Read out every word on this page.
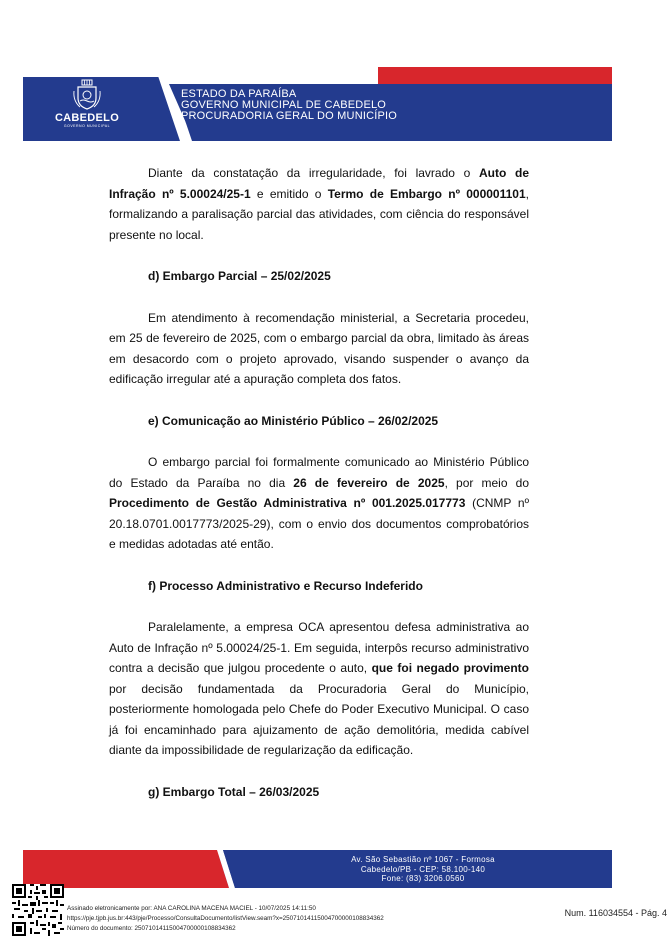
CABEDELO
GOVERNO MUNICIPAL
ESTADO DA PARAÍBA
GOVERNO MUNICIPAL DE CABEDELO
PROCURADORIA GERAL DO MUNICÍPIO

Diante da constatação da irregularidade, foi lavrado o Auto de Infração nº 5.00024/25-1 e emitido o Termo de Embargo nº 000001101, formalizando a paralisação parcial das atividades, com ciência do responsável presente no local.

d) Embargo Parcial – 25/02/2025

Em atendimento à recomendação ministerial, a Secretaria procedeu, em 25 de fevereiro de 2025, com o embargo parcial da obra, limitado às áreas em desacordo com o projeto aprovado, visando suspender o avanço da edificação irregular até a apuração completa dos fatos.

e) Comunicação ao Ministério Público – 26/02/2025

O embargo parcial foi formalmente comunicado ao Ministério Público do Estado da Paraíba no dia 26 de fevereiro de 2025, por meio do Procedimento de Gestão Administrativa nº 001.2025.017773 (CNMP nº 20.18.0701.0017773/2025-29), com o envio dos documentos comprobatórios e medidas adotadas até então.

f) Processo Administrativo e Recurso Indeferido

Paralelamente, a empresa OCA apresentou defesa administrativa ao Auto de Infração nº 5.00024/25-1. Em seguida, interpôs recurso administrativo contra a decisão que julgou procedente o auto, que foi negado provimento por decisão fundamentada da Procuradoria Geral do Município, posteriormente homologada pelo Chefe do Poder Executivo Municipal. O caso já foi encaminhado para ajuizamento de ação demolitória, medida cabível diante da impossibilidade de regularização da edificação.

g) Embargo Total – 26/03/2025

Av. São Sebastião nº 1067 - Formosa
Cabedelo/PB - CEP: 58.100-140
Fone: (83) 3206.0560
Assinado eletronicamente por: ANA CAROLINA MACENA MACIEL - 10/07/2025 14:11:50
https://pje.tjpb.jus.br:443/pje/Processo/ConsultaDocumento/listView.seam?x=25071014115004700000108834362
Número do documento: 25071014115004700000108834362
Num. 116034554 - Pág. 4
